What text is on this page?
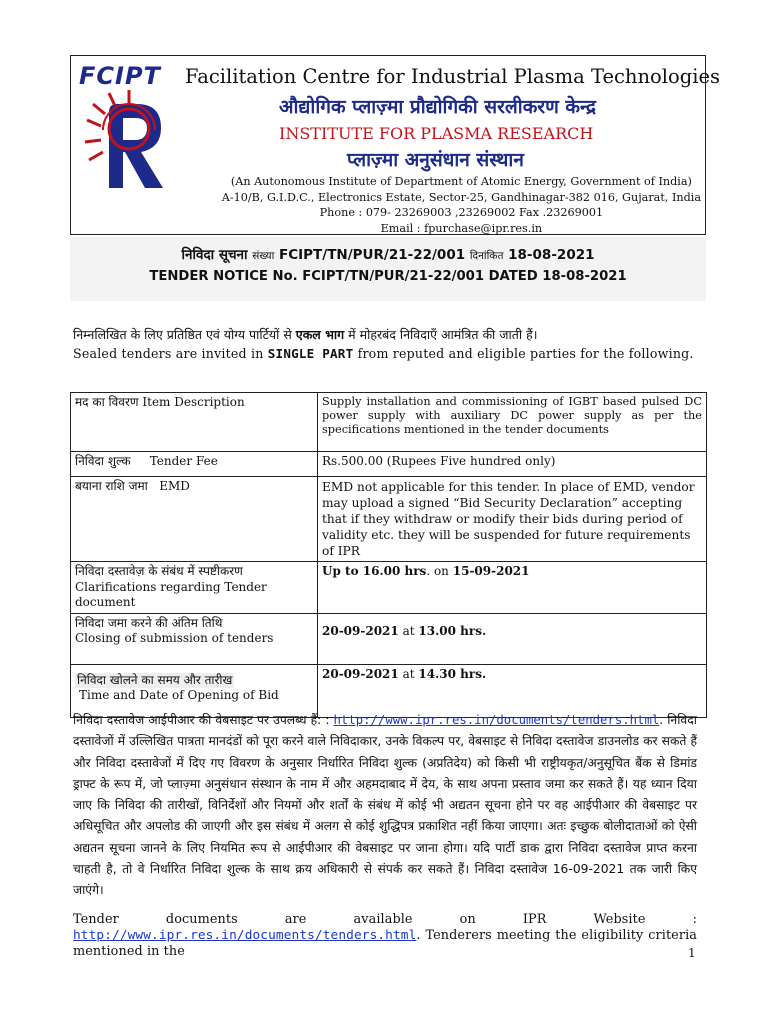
FCIPT Facilitation Centre for Industrial Plasma Technologies
औद्योगिक प्लाज़्मा प्रौद्योगिकी सरलीकरण केन्द्र
INSTITUTE FOR PLASMA RESEARCH
प्लाज़्मा अनुसंधान संस्थान
(An Autonomous Institute of Department of Atomic Energy, Government of India)
A-10/B, G.I.D.C., Electronics Estate, Sector-25, Gandhinagar-382 016, Gujarat, India
Phone : 079- 23269003 ,23269002 Fax .23269001
Email : fpurchase@ipr.res.in
निविदा सूचना संख्या FCIPT/TN/PUR/21-22/001 दिनांकित 18-08-2021
TENDER NOTICE No. FCIPT/TN/PUR/21-22/001 DATED 18-08-2021
निम्नलिखित के लिए प्रतिष्ठित एवं योग्य पार्टियों से एकल भाग में मोहरबंद निविदाएँ आमंत्रित की जाती हैं।
Sealed tenders are invited in SINGLE PART from reputed and eligible parties for the following.
मद का विवरण Item Description	Supply installation and commissioning of IGBT based pulsed DC power supply with auxiliary DC power supply as per the specifications mentioned in the tender documents
निविदा शुल्क Tender Fee	Rs.500.00 (Rupees Five hundred only)
बयाना राशि जमा EMD	EMD not applicable for this tender. In place of EMD, vendor may upload a signed “Bid Security Declaration” accepting that if they withdraw or modify their bids during period of validity etc. they will be suspended for future requirements of IPR

निविदा दस्तावेज़ के संबंध में स्पष्टीकरण
Clarifications regarding Tender document	Up to 16.00 hrs. on 15-09-2021

निविदा जमा करने की अंतिम तिथि
Closing of submission of tenders	20-09-2021 at 13.00 hrs.

निविदा खोलने का समय और तारीख
Time and Date of Opening of Bid	20-09-2021 at 14.30 hrs.
निविदा दस्तावेज आईपीआर की वेबसाइट पर उपलब्ध हैं: : http://www.ipr.res.in/documents/tenders.html. निविदा दस्तावेजों में उल्लिखित पात्रता मानदंडों को पूरा करने वाले निविदाकार, उनके विकल्प पर, वेबसाइट से निविदा दस्तावेज डाउनलोड कर सकते हैं और निविदा दस्तावेजों में दिए गए विवरण के अनुसार निर्धारित निविदा शुल्क (अप्रतिदेय) को किसी भी राष्ट्रीयकृत/अनुसूचित बैंक से डिमांड ड्राफ्ट के रूप में, जो प्लाज़्मा अनुसंधान संस्थान के नाम में और अहमदाबाद में देय, के साथ अपना प्रस्ताव जमा कर सकते हैं। यह ध्यान दिया जाए कि निविदा की तारीखों, विनिर्देशों और नियमों और शर्तों के संबंध में कोई भी अद्यतन सूचना होने पर वह आईपीआर की वेबसाइट पर अधिसूचित और अपलोड की जाएगी और इस संबंध में अलग से कोई शुद्धिपत्र प्रकाशित नहीं किया जाएगा। अतः इच्छुक बोलीदाताओं को ऐसी अद्यतन सूचना जानने के लिए नियमित रूप से आईपीआर की वेबसाइट पर जाना होगा। यदि पार्टी डाक द्वारा निविदा दस्तावेज प्राप्त करना चाहती है, तो वे निर्धारित निविदा शुल्क के साथ क्रय अधिकारी से संपर्क कर सकते हैं। निविदा दस्तावेज 16-09-2021 तक जारी किए जाएंगे।
Tender documents are available on IPR Website : http://www.ipr.res.in/documents/tenders.html. Tenderers meeting the eligibility criteria mentioned in the	1
